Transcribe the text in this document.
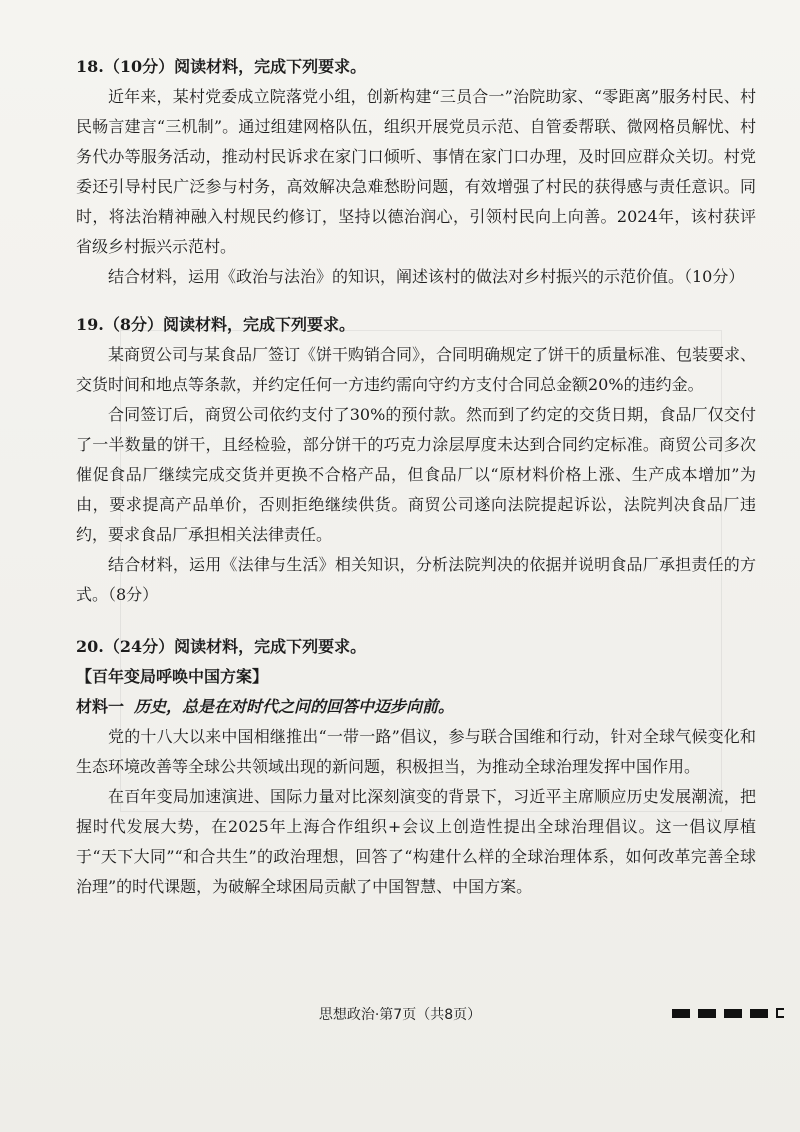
18.（10分）阅读材料，完成下列要求。

近年来，某村党委成立院落党小组，创新构建“三员合一”治院助家、“零距离”服务村民、村民畅言建言“三机制”。通过组建网格队伍，组织开展党员示范、自管委帮联、微网格员解忧、村务代办等服务活动，推动村民诉求在家门口倾听、事情在家门口办理，及时回应群众关切。村党委还引导村民广泛参与村务，高效解决急难愁盼问题，有效增强了村民的获得感与责任意识。同时，将法治精神融入村规民约修订，坚持以德治润心，引领村民向上向善。2024年，该村获评省级乡村振兴示范村。

结合材料，运用《政治与法治》的知识，阐述该村的做法对乡村振兴的示范价值。（10分）

19.（8分）阅读材料，完成下列要求。

某商贸公司与某食品厂签订《饼干购销合同》，合同明确规定了饼干的质量标准、包装要求、交货时间和地点等条款，并约定任何一方违约需向守约方支付合同总金额20%的违约金。

合同签订后，商贸公司依约支付了30%的预付款。然而到了约定的交货日期，食品厂仅交付了一半数量的饼干，且经检验，部分饼干的巧克力涂层厚度未达到合同约定标准。商贸公司多次催促食品厂继续完成交货并更换不合格产品，但食品厂以“原材料价格上涨、生产成本增加”为由，要求提高产品单价，否则拒绝继续供货。商贸公司遂向法院提起诉讼，法院判决食品厂违约，要求食品厂承担相关法律责任。

结合材料，运用《法律与生活》相关知识，分析法院判决的依据并说明食品厂承担责任的方式。（8分）

20.（24分）阅读材料，完成下列要求。

【百年变局呼唤中国方案】

材料一 历史，总是在对时代之问的回答中迈步向前。

党的十八大以来中国相继推出“一带一路”倡议，参与联合国维和行动，针对全球气候变化和生态环境改善等全球公共领域出现的新问题，积极担当，为推动全球治理发挥中国作用。

在百年变局加速演进、国际力量对比深刻演变的背景下，习近平主席顺应历史发展潮流，把握时代发展大势，在2025年上海合作组织+会议上创造性提出全球治理倡议。这一倡议厚植于“天下大同”“和合共生”的政治理想，回答了“构建什么样的全球治理体系，如何改革完善全球治理”的时代课题，为破解全球困局贡献了中国智慧、中国方案。

思想政治·第7页（共8页）
